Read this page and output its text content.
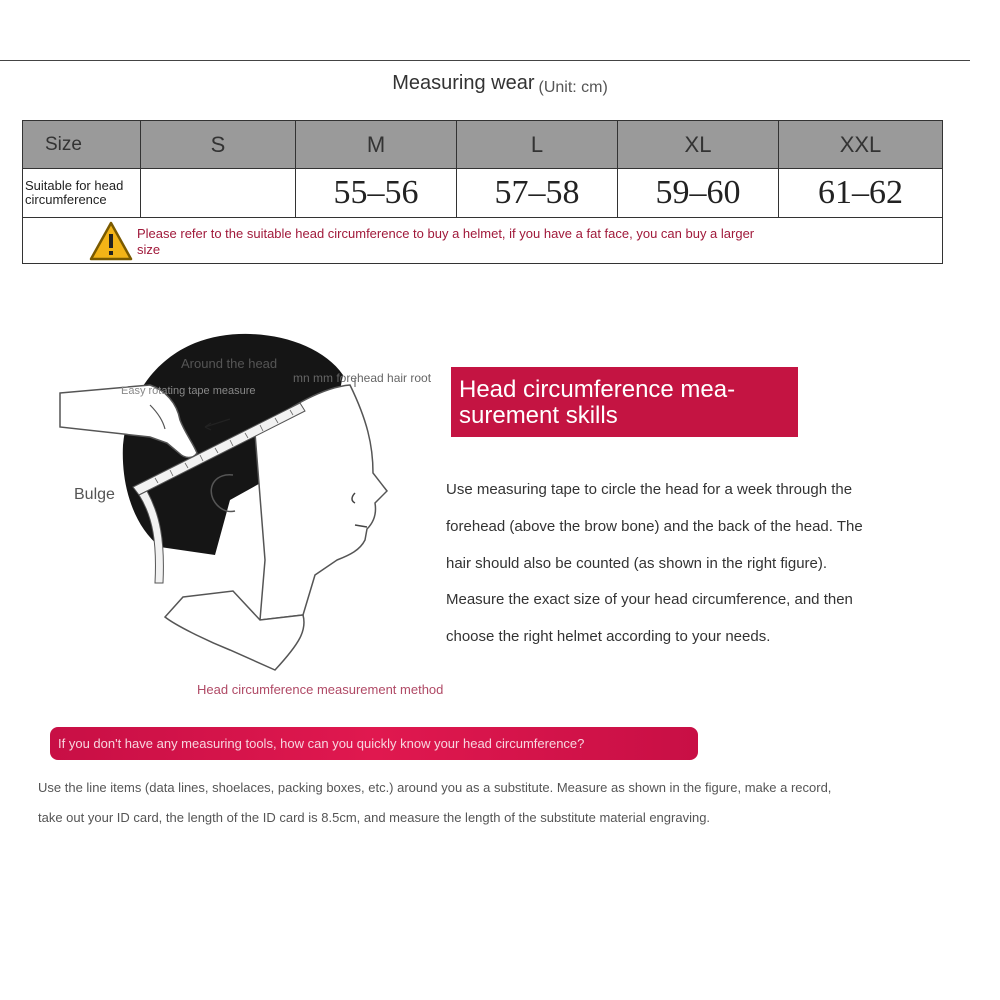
Measuring wear (Unit: cm)
Size	S	M	L	XL	XXL

Suitable for head
circumference		55–56	57–58	59–60	61–62

Please refer to the suitable head circumference to buy a helmet, if you have a fat face, you can buy a larger
size					
Around the head
Easy rotating tape measure
mn mm forehead hair root
Bulge
Head circumference measurement method
Head circumference mea-
surement skills
Use measuring tape to circle the head for a week through the
forehead (above the brow bone) and the back of the head. The
hair should also be counted (as shown in the right figure).
Measure the exact size of your head circumference, and then
choose the right helmet according to your needs.
If you don't have any measuring tools, how can you quickly know your head circumference?
Use the line items (data lines, shoelaces, packing boxes, etc.) around you as a substitute. Measure as shown in the figure, make a record,
take out your ID card, the length of the ID card is 8.5cm, and measure the length of the substitute material engraving.
